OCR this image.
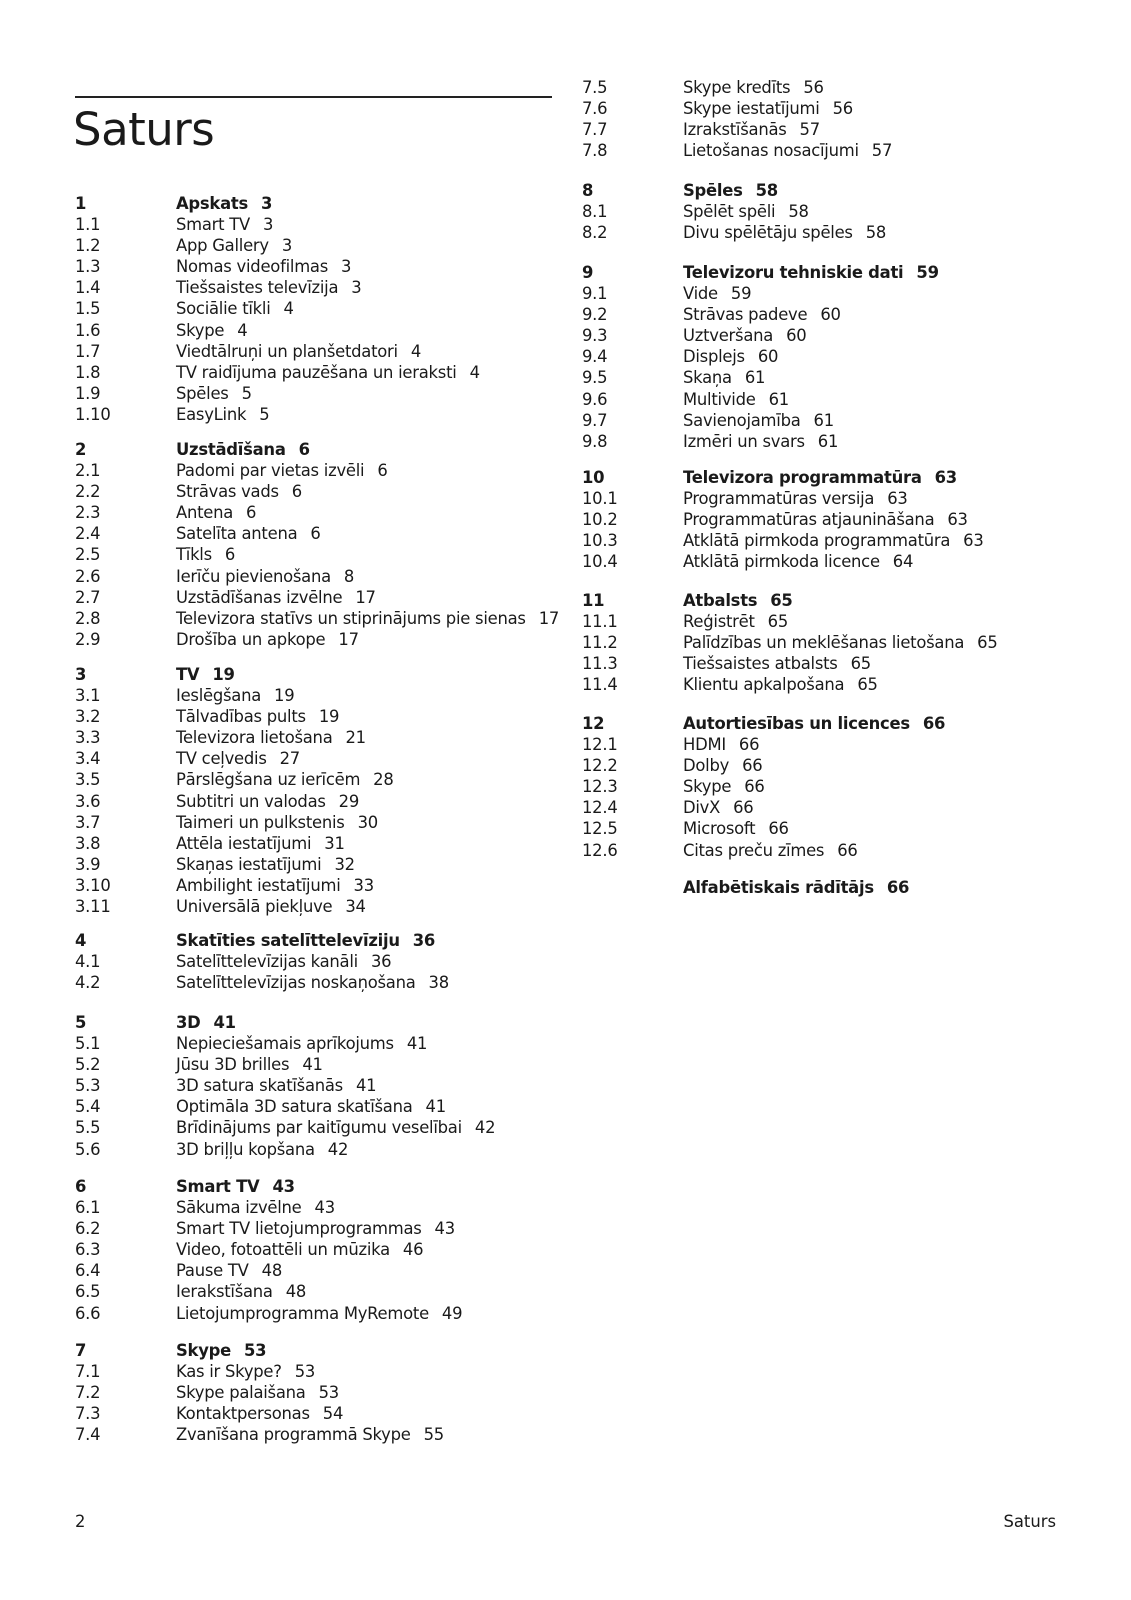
Saturs
1	Apskats 3
1.1	Smart TV 3
1.2	App Gallery 3
1.3	Nomas videofilmas 3
1.4	Tiešsaistes televīzija 3
1.5	Sociālie tīkli 4
1.6	Skype 4
1.7	Viedtālruņi un planšetdatori 4
1.8	TV raidījuma pauzēšana un ieraksti 4
1.9	Spēles 5
1.10	EasyLink 5
2	Uzstādīšana 6
2.1	Padomi par vietas izvēli 6
2.2	Strāvas vads 6
2.3	Antena 6
2.4	Satelīta antena 6
2.5	Tīkls 6
2.6	Ierīču pievienošana 8
2.7	Uzstādīšanas izvēlne 17
2.8	Televizora statīvs un stiprinājums pie sienas 17
2.9	Drošība un apkope 17
3	TV 19
3.1	Ieslēgšana 19
3.2	Tālvadības pults 19
3.3	Televizora lietošana 21
3.4	TV ceļvedis 27
3.5	Pārslēgšana uz ierīcēm 28
3.6	Subtitri un valodas 29
3.7	Taimeri un pulkstenis 30
3.8	Attēla iestatījumi 31
3.9	Skaņas iestatījumi 32
3.10	Ambilight iestatījumi 33
3.11	Universālā piekļuve 34
4	Skatīties satelīttelevīziju 36
4.1	Satelīttelevīzijas kanāli 36
4.2	Satelīttelevīzijas noskaņošana 38
5	3D 41
5.1	Nepieciešamais aprīkojums 41
5.2	Jūsu 3D brilles 41
5.3	3D satura skatīšanās 41
5.4	Optimāla 3D satura skatīšana 41
5.5	Brīdinājums par kaitīgumu veselībai 42
5.6	3D briļļu kopšana 42
6	Smart TV 43
6.1	Sākuma izvēlne 43
6.2	Smart TV lietojumprogrammas 43
6.3	Video, fotoattēli un mūzika 46
6.4	Pause TV 48
6.5	Ierakstīšana 48
6.6	Lietojumprogramma MyRemote 49
7	Skype 53
7.1	Kas ir Skype? 53
7.2	Skype palaišana 53
7.3	Kontaktpersonas 54
7.4	Zvanīšana programmā Skype 55
7.5	Skype kredīts 56
7.6	Skype iestatījumi 56
7.7	Izrakstīšanās 57
7.8	Lietošanas nosacījumi 57
8	Spēles 58
8.1	Spēlēt spēli 58
8.2	Divu spēlētāju spēles 58
9	Televizoru tehniskie dati 59
9.1	Vide 59
9.2	Strāvas padeve 60
9.3	Uztveršana 60
9.4	Displejs 60
9.5	Skaņa 61
9.6	Multivide 61
9.7	Savienojamība 61
9.8	Izmēri un svars 61
10	Televizora programmatūra 63
10.1	Programmatūras versija 63
10.2	Programmatūras atjaunināšana 63
10.3	Atklātā pirmkoda programmatūra 63
10.4	Atklātā pirmkoda licence 64
11	Atbalsts 65
11.1	Reģistrēt 65
11.2	Palīdzības un meklēšanas lietošana 65
11.3	Tiešsaistes atbalsts 65
11.4	Klientu apkalpošana 65
12	Autortiesības un licences 66
12.1	HDMI 66
12.2	Dolby 66
12.3	Skype 66
12.4	DivX 66
12.5	Microsoft 66
12.6	Citas preču zīmes 66
Alfabētiskais rādītājs 66
2	Saturs
